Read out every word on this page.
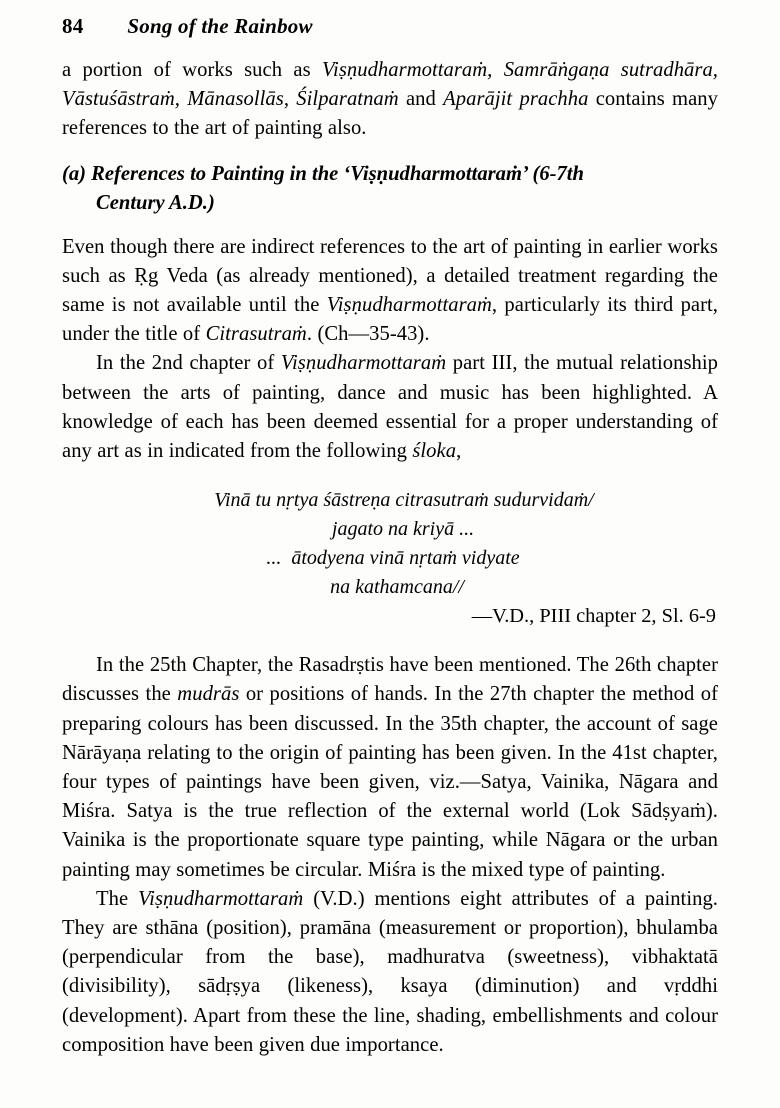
84 Song of the Rainbow

a portion of works such as Viṣṇudharmottaraṁ, Samrāṅgaṇa sutradhāra, Vāstuśāstraṁ, Mānasollās, Śilparatnaṁ and Aparājit prachha contains many references to the art of painting also.

(a) References to Painting in the ‘Viṣṇudharmottaraṁ’ (6-7th
Century A.D.)

Even though there are indirect references to the art of painting in earlier works such as Ṛg Veda (as already mentioned), a detailed treatment regarding the same is not available until the Viṣṇudharmottaraṁ, particularly its third part, under the title of Citrasutraṁ. (Ch—35-43).

In the 2nd chapter of Viṣṇudharmottaraṁ part III, the mutual relationship between the arts of painting, dance and music has been highlighted. A knowledge of each has been deemed essential for a proper understanding of any art as in indicated from the following śloka,

Vinā tu nṛtya śāstreṇa citrasutraṁ sudurvidaṁ/
jagato na kriyā ...
...  ātodyena vinā nṛtaṁ vidyate
na kathamcana//

—V.D., PIII chapter 2, Sl. 6-9

In the 25th Chapter, the Rasadrṣtis have been mentioned. The 26th chapter discusses the mudrās or positions of hands. In the 27th chapter the method of preparing colours has been discussed. In the 35th chapter, the account of sage Nārāyaṇa relating to the origin of painting has been given. In the 41st chapter, four types of paintings have been given, viz.—Satya, Vainika, Nāgara and Miśra. Satya is the true reflection of the external world (Lok Sādṣyaṁ). Vainika is the proportionate square type painting, while Nāgara or the urban painting may sometimes be circular. Miśra is the mixed type of painting.

The Viṣṇudharmottaraṁ (V.D.) mentions eight attributes of a painting. They are sthāna (position), pramāna (measurement or proportion), bhulamba (perpendicular from the base), madhuratva (sweetness), vibhaktatā (divisibility), sādṛṣya (likeness), ksaya (diminution) and vṛddhi (development). Apart from these the line, shading, embellishments and colour composition have been given due importance.
